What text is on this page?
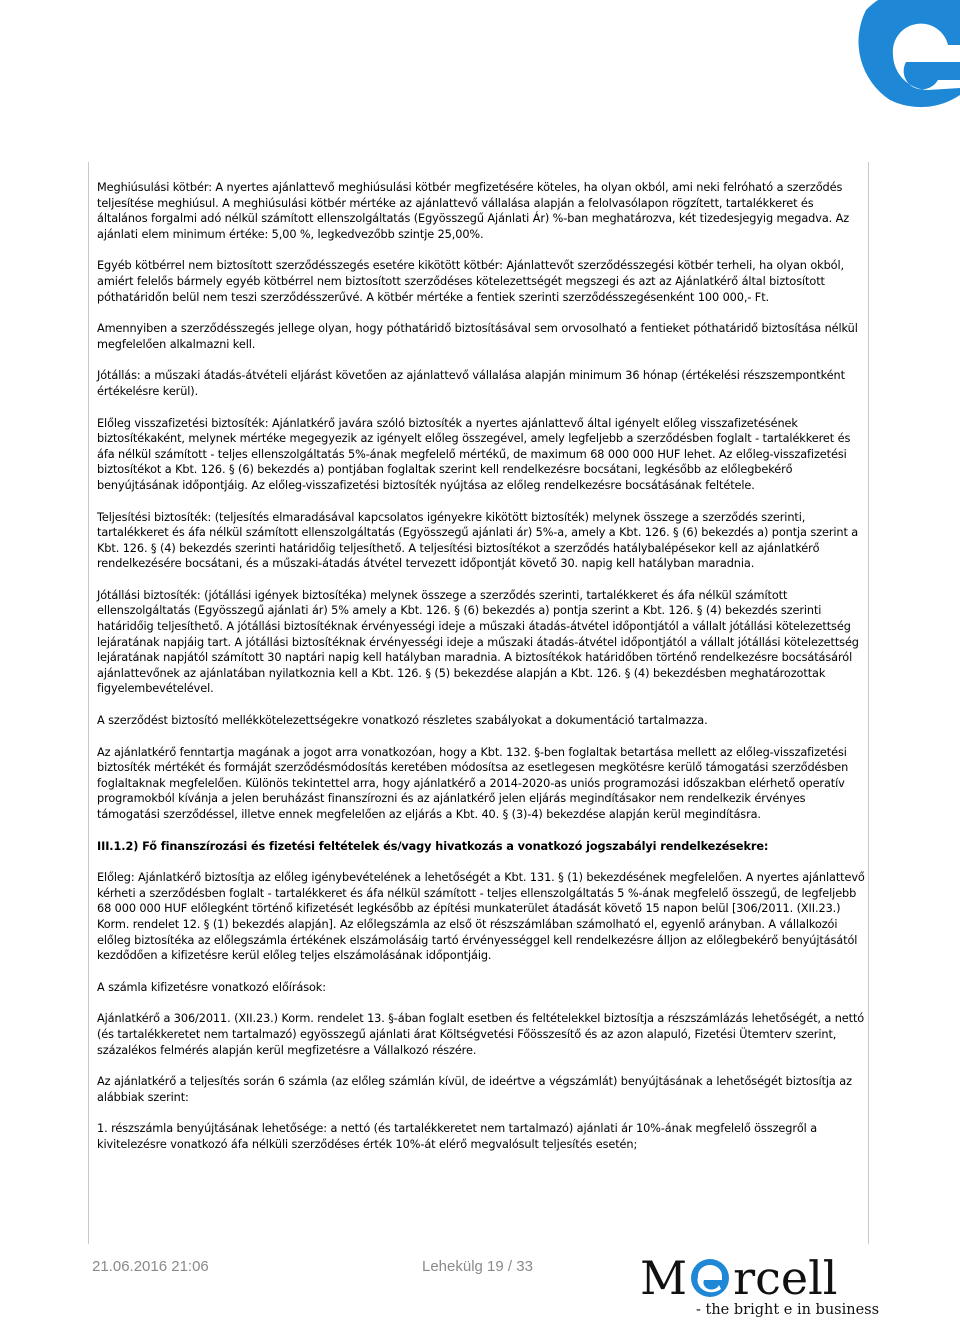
Meghiúsulási kötbér: A nyertes ajánlattevő meghiúsulási kötbér megfizetésére köteles, ha olyan okból, ami neki felróható a szerződés teljesítése meghiúsul. A meghiúsulási kötbér mértéke az ajánlattevő vállalása alapján a felolvasólapon rögzített, tartalékkeret és általános forgalmi adó nélkül számított ellenszolgáltatás (Egyösszegű Ajánlati Ár) %-ban meghatározva, két tizedesjegyig megadva. Az ajánlati elem minimum értéke: 5,00 %, legkedvezőbb szintje 25,00%.

Egyéb kötbérrel nem biztosított szerződésszegés esetére kikötött kötbér: Ajánlattevőt szerződésszegési kötbér terheli, ha olyan okból, amiért felelős bármely egyéb kötbérrel nem biztosított szerződéses kötelezettségét megszegi és azt az Ajánlatkérő által biztosított póthatáridőn belül nem teszi szerződésszerűvé. A kötbér mértéke a fentiek szerinti szerződésszegésenként 100 000,- Ft.

Amennyiben a szerződésszegés jellege olyan, hogy póthatáridő biztosításával sem orvosolható a fentieket póthatáridő biztosítása nélkül megfelelően alkalmazni kell.

Jótállás: a műszaki átadás-átvételi eljárást követően az ajánlattevő vállalása alapján minimum 36 hónap (értékelési részszempontként értékelésre kerül).

Előleg visszafizetési biztosíték: Ajánlatkérő javára szóló biztosíték a nyertes ajánlattevő által igényelt előleg visszafizetésének biztosítékaként, melynek mértéke megegyezik az igényelt előleg összegével, amely legfeljebb a szerződésben foglalt - tartalékkeret és áfa nélkül számított - teljes ellenszolgáltatás 5%-ának megfelelő mértékű, de maximum 68 000 000 HUF lehet. Az előleg-visszafizetési biztosítékot a Kbt. 126. § (6) bekezdés a) pontjában foglaltak szerint kell rendelkezésre bocsátani, legkésőbb az előlegbekérő benyújtásának időpontjáig. Az előleg-visszafizetési biztosíték nyújtása az előleg rendelkezésre bocsátásának feltétele.

Teljesítési biztosíték: (teljesítés elmaradásával kapcsolatos igényekre kikötött biztosíték) melynek összege a szerződés szerinti, tartalékkeret és áfa nélkül számított ellenszolgáltatás (Egyösszegű ajánlati ár) 5%-a, amely a Kbt. 126. § (6) bekezdés a) pontja szerint a Kbt. 126. § (4) bekezdés szerinti határidőig teljesíthető. A teljesítési biztosítékot a szerződés hatálybalépésekor kell az ajánlatkérő rendelkezésére bocsátani, és a műszaki-átadás átvétel tervezett időpontját követő 30. napig kell hatályban maradnia.

Jótállási biztosíték: (jótállási igények biztosítéka) melynek összege a szerződés szerinti, tartalékkeret és áfa nélkül számított ellenszolgáltatás (Egyösszegű ajánlati ár) 5% amely a Kbt. 126. § (6) bekezdés a) pontja szerint a Kbt. 126. § (4) bekezdés szerinti határidőig teljesíthető. A jótállási biztosítéknak érvényességi ideje a műszaki átadás-átvétel időpontjától a vállalt jótállási kötelezettség lejáratának napjáig tart. A jótállási biztosítéknak érvényességi ideje a műszaki átadás-átvétel időpontjától a vállalt jótállási kötelezettség lejáratának napjától számított 30 naptári napig kell hatályban maradnia. A biztosítékok határidőben történő rendelkezésre bocsátásáról ajánlattevőnek az ajánlatában nyilatkoznia kell a Kbt. 126. § (5) bekezdése alapján a Kbt. 126. § (4) bekezdésben meghatározottak figyelembevételével.

A szerződést biztosító mellékkötelezettségekre vonatkozó részletes szabályokat a dokumentáció tartalmazza.

Az ajánlatkérő fenntartja magának a jogot arra vonatkozóan, hogy a Kbt. 132. §-ben foglaltak betartása mellett az előleg-visszafizetési biztosíték mértékét és formáját szerződésmódosítás keretében módosítsa az esetlegesen megkötésre kerülő támogatási szerződésben foglaltaknak megfelelően. Különös tekintettel arra, hogy ajánlatkérő a 2014-2020-as uniós programozási időszakban elérhető operatív programokból kívánja a jelen beruházást finanszírozni és az ajánlatkérő jelen eljárás megindításakor nem rendelkezik érvényes támogatási szerződéssel, illetve ennek megfelelően az eljárás a Kbt. 40. § (3)-4) bekezdése alapján kerül megindításra.

III.1.2) Fő finanszírozási és fizetési feltételek és/vagy hivatkozás a vonatkozó jogszabályi rendelkezésekre:

Előleg: Ajánlatkérő biztosítja az előleg igénybevételének a lehetőségét a Kbt. 131. § (1) bekezdésének megfelelően. A nyertes ajánlattevő kérheti a szerződésben foglalt - tartalékkeret és áfa nélkül számított - teljes ellenszolgáltatás 5 %-ának megfelelő összegű, de legfeljebb 68 000 000 HUF előlegként történő kifizetését legkésőbb az építési munkaterület átadását követő 15 napon belül [306/2011. (XII.23.) Korm. rendelet 12. § (1) bekezdés alapján]. Az előlegszámla az első öt részszámlában számolható el, egyenlő arányban. A vállalkozói előleg biztosítéka az előlegszámla értékének elszámolásáig tartó érvényességgel kell rendelkezésre álljon az előlegbekérő benyújtásától kezdődően a kifizetésre kerül előleg teljes elszámolásának időpontjáig.

A számla kifizetésre vonatkozó előírások:

Ajánlatkérő a 306/2011. (XII.23.) Korm. rendelet 13. §-ában foglalt esetben és feltételekkel biztosítja a részszámlázás lehetőségét, a nettó (és tartalékkeretet nem tartalmazó) egyösszegű ajánlati árat Költségvetési Főösszesítő és az azon alapuló, Fizetési Ütemterv szerint, százalékos felmérés alapján kerül megfizetésre a Vállalkozó részére.

Az ajánlatkérő a teljesítés során 6 számla (az előleg számlán kívül, de ideértve a végszámlát) benyújtásának a lehetőségét biztosítja az alábbiak szerint:

1. részszámla benyújtásának lehetősége: a nettó (és tartalékkeretet nem tartalmazó) ajánlati ár 10%-ának megfelelő összegről a kivitelezésre vonatkozó áfa nélküli szerződéses érték 10%-át elérő megvalósult teljesítés esetén;

21.06.2016 21:06	Lehekülg 19 / 33 M rcell
- the bright e in business
